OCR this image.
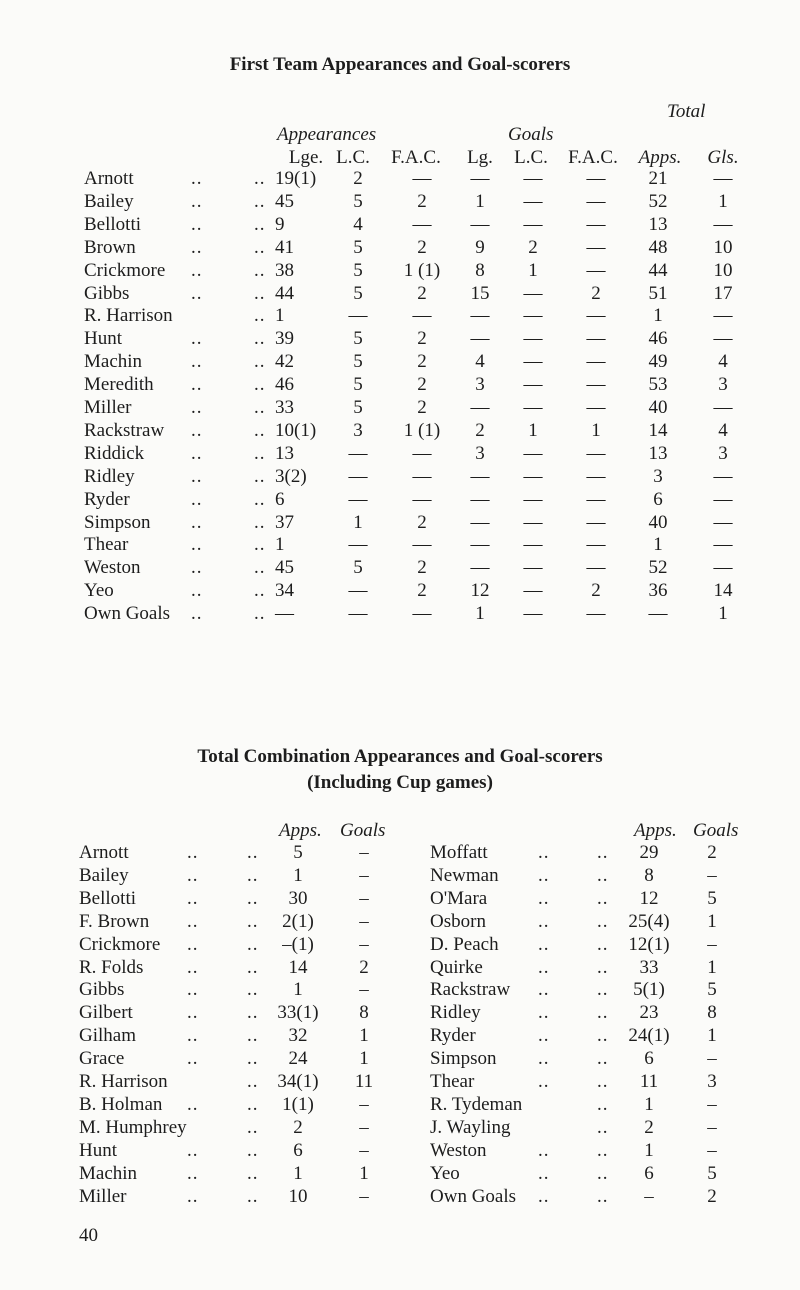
First Team Appearances and Goal-scorers
Total
Appearances	Goals
Lge. L.C.	F.A.C.	Lg. L.C.	F.A.C.	Apps. Gls.
Arnott	..	.. 19(1)	2	—	—	—	—	21	—
Bailey	..	.. 45	5	2	1	—	—	52	1
Bellotti	..	.. 9	4	—	—	—	—	13	—
Brown	..	.. 41	5	2	9	2	—	48	10
Crickmore ..	.. 38	5	1 (1)	8	1	—	44	10
Gibbs	..	.. 44	5	2	15	—	2	51	17
R. Harrison	.. 1	—	—	—	—	—	1	—
Hunt	..	.. 39	5	2	—	—	—	46	—
Machin	..	.. 42	5	2	4	—	—	49	4
Meredith ..	.. 46	5	2	3	—	—	53	3
Miller	..	.. 33	5	2	—	—	—	40	—
Rackstraw ..	.. 10(1)	3	1 (1)	2	1	1	14	4
Riddick ..	.. 13	—	—	3	—	—	13	3
Ridley	..	.. 3(2)	—	—	—	—	—	3	—
Ryder	..	.. 6	—	—	—	—	—	6	—
Simpson ..	.. 37	1	2	—	—	—	40	—
Thear	..	.. 1	—	—	—	—	—	1	—
Weston	..	.. 45	5	2	—	—	—	52	—
Yeo	..	.. 34	—	2	12	—	2	36	14
Own Goals ..	.. —	—	—	1	—	—	—	1
Total Combination Appearances and Goal-scorers
(Including Cup games)
Apps. Goals	Apps. Goals
Arnott	..	..	5	–
Bailey	..	..	1	–
Bellotti	..	..	30	–
F. Brown ..	..	2(1)	–
Crickmore ..	..	–(1)	–
R. Folds ..	..	14	2
Gibbs	..	..	1	–
Gilbert	..	.. 33(1)	8
Gilham	..	..	32	1
Grace	..	..	24	1
R. Harrison	.. 34(1)	11
B. Holman ..	..	1(1)	–
M. Humphrey	..	2	–
Hunt	..	..	6	–
Machin	..	..	1	1
Miller	..	..	10	–
Moffatt	..	..	29	2
Newman ..	..	8	–
O'Mara	..	..	12	5
Osborn	..	..	25(4)	1
D. Peach ..	..	12(1)	–
Quirke	..	..	33	1
Rackstraw ..	..	5(1)	5
Ridley	..	..	23	8
Ryder	..	..	24(1)	1
Simpson ..	..	6	–
Thear	..	..	11	3
R. Tydeman	..	1	–
J. Wayling	..	2	–
Weston	..	..	1	–
Yeo	..	..	6	5
Own Goals ..	..	–	2
40
